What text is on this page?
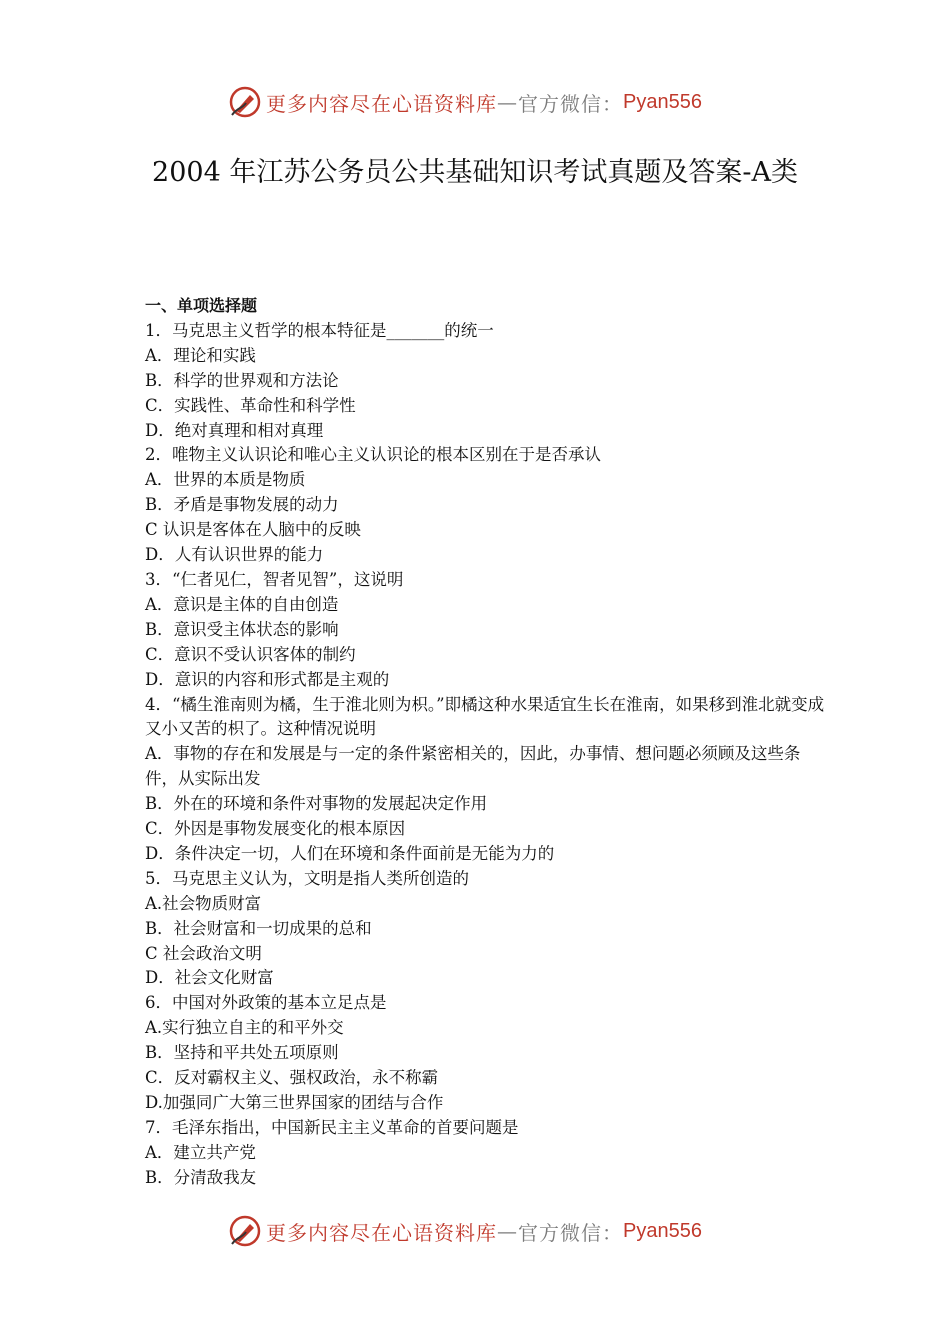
更多内容尽在心语资料库 — 官方微信： Pyan556
2004 年江苏公务员公共基础知识考试真题及答案-A类
一、单项选择题
1．马克思主义哲学的根本特征是_______的统一
A．理论和实践
B．科学的世界观和方法论
C．实践性、革命性和科学性
D．绝对真理和相对真理
2．唯物主义认识论和唯心主义认识论的根本区别在于是否承认
A．世界的本质是物质
B．矛盾是事物发展的动力
C 认识是客体在人脑中的反映
D．人有认识世界的能力
3．“仁者见仁，智者见智”，这说明
A．意识是主体的自由创造
B．意识受主体状态的影响
C．意识不受认识客体的制约
D．意识的内容和形式都是主观的
4．“橘生淮南则为橘，生于淮北则为枳。”即橘这种水果适宜生长在淮南，如果移到淮北就变成又小又苦的枳了。这种情况说明
A．事物的存在和发展是与一定的条件紧密相关的，因此，办事情、想问题必须顾及这些条件，从实际出发
B．外在的环境和条件对事物的发展起决定作用
C．外因是事物发展变化的根本原因
D．条件决定一切，人们在环境和条件面前是无能为力的
5．马克思主义认为，文明是指人类所创造的
A.社会物质财富
B．社会财富和一切成果的总和
C 社会政治文明
D．社会文化财富
6．中国对外政策的基本立足点是
A.实行独立自主的和平外交
B．坚持和平共处五项原则
C．反对霸权主义、强权政治，永不称霸
D.加强同广大第三世界国家的团结与合作
7．毛泽东指出，中国新民主主义革命的首要问题是
A．建立共产党
B．分清敌我友
更多内容尽在心语资料库 — 官方微信： Pyan556
